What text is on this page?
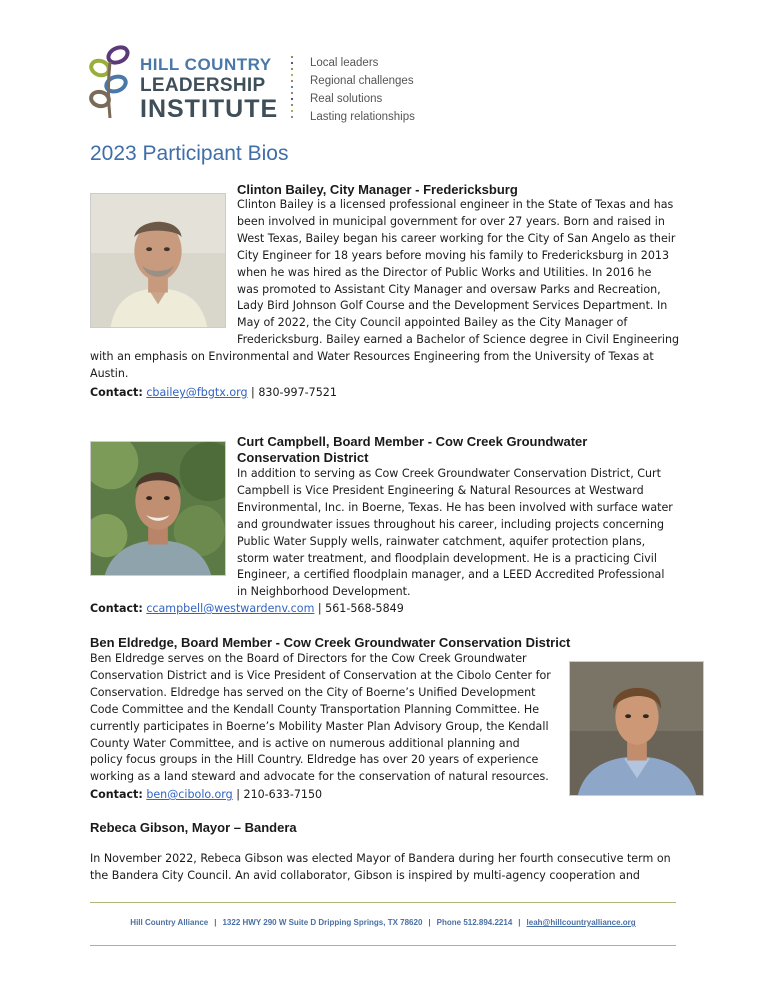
HILL COUNTRY
LEADERSHIP
INSTITUTE
Local leaders
Regional challenges
Real solutions
Lasting relationships
2023 Participant Bios
Clinton Bailey, City Manager - Fredericksburg
Clinton Bailey is a licensed professional engineer in the State of Texas and has
been involved in municipal government for over 27 years. Born and raised in
West Texas, Bailey began his career working for the City of San Angelo as their
City Engineer for 18 years before moving his family to Fredericksburg in 2013
when he was hired as the Director of Public Works and Utilities. In 2016 he
was promoted to Assistant City Manager and oversaw Parks and Recreation,
Lady Bird Johnson Golf Course and the Development Services Department. In
May of 2022, the City Council appointed Bailey as the City Manager of
Fredericksburg. Bailey earned a Bachelor of Science degree in Civil Engineering
with an emphasis on Environmental and Water Resources Engineering from the University of Texas at
Austin.
Contact: cbailey@fbgtx.org | 830-997-7521
Curt Campbell, Board Member - Cow Creek Groundwater
Conservation District
In addition to serving as Cow Creek Groundwater Conservation District, Curt
Campbell is Vice President Engineering & Natural Resources at Westward
Environmental, Inc. in Boerne, Texas. He has been involved with surface water
and groundwater issues throughout his career, including projects concerning
Public Water Supply wells, rainwater catchment, aquifer protection plans,
storm water treatment, and floodplain development. He is a practicing Civil
Engineer, a certified floodplain manager, and a LEED Accredited Professional
in Neighborhood Development.
Contact: ccampbell@westwardenv.com | 561-568-5849
Ben Eldredge, Board Member - Cow Creek Groundwater Conservation District
Ben Eldredge serves on the Board of Directors for the Cow Creek Groundwater
Conservation District and is Vice President of Conservation at the Cibolo Center for
Conservation. Eldredge has served on the City of Boerne’s Unified Development
Code Committee and the Kendall County Transportation Planning Committee. He
currently participates in Boerne’s Mobility Master Plan Advisory Group, the Kendall
County Water Committee, and is active on numerous additional planning and
policy focus groups in the Hill Country. Eldredge has over 20 years of experience
working as a land steward and advocate for the conservation of natural resources.
Contact: ben@cibolo.org | 210-633-7150
Rebeca Gibson, Mayor – Bandera
In November 2022, Rebeca Gibson was elected Mayor of Bandera during her fourth consecutive term on
the Bandera City Council. An avid collaborator, Gibson is inspired by multi-agency cooperation and
Hill Country Alliance | 1322 HWY 290 W Suite D Dripping Springs, TX 78620 | Phone 512.894.2214 | leah@hillcountryalliance.org
